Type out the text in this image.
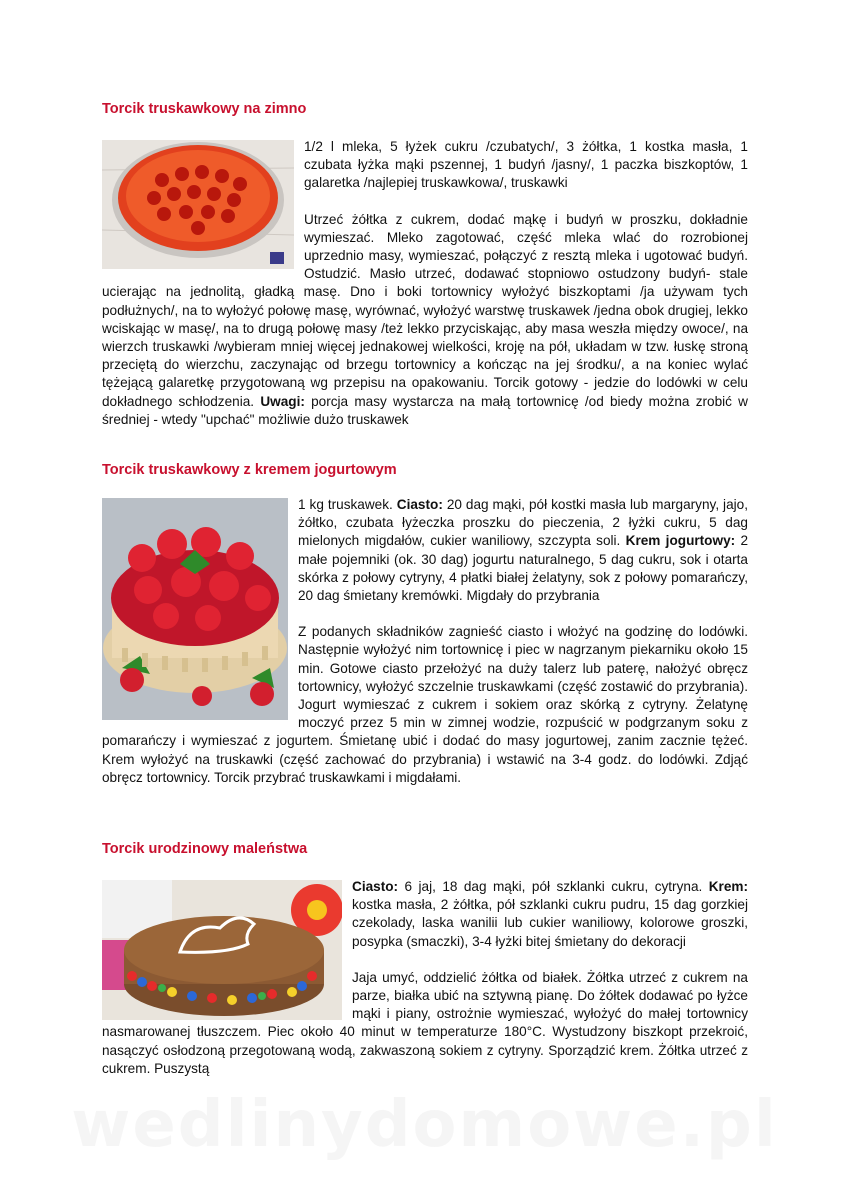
Torcik truskawkowy na zimno

1/2 l mleka, 5 łyżek cukru /czubatych/, 3 żółtka, 1 kostka masła, 1 czubata łyżka mąki pszennej, 1 budyń /jasny/, 1 paczka biszkoptów, 1 galaretka /najlepiej truskawkowa/, truskawki

Utrzeć żółtka z cukrem, dodać mąkę i budyń w proszku, dokładnie wymieszać. Mleko zagotować, część mleka wlać do rozrobionej uprzednio masy, wymieszać, połączyć z resztą mleka i ugotować budyń. Ostudzić. Masło utrzeć, dodawać stopniowo ostudzony budyń- stale ucierając na jednolitą, gładką masę. Dno i boki tortownicy wyłożyć biszkoptami /ja używam tych podłużnych/, na to wyłożyć połowę masę, wyrównać, wyłożyć warstwę truskawek /jedna obok drugiej, lekko wciskając w masę/, na to drugą połowę masy /też lekko przyciskając, aby masa weszła między owoce/, na wierzch truskawki /wybieram mniej więcej jednakowej wielkości, kroję na pół, układam w tzw. łuskę stroną przeciętą do wierzchu, zaczynając od brzegu tortownicy a kończąc na jej środku/, a na koniec wylać tężejącą galaretkę przygotowaną wg przepisu na opakowaniu. Torcik gotowy - jedzie do lodówki w celu dokładnego schłodzenia. Uwagi: porcja masy wystarcza na małą tortownicę /od biedy można zrobić w średniej - wtedy "upchać" możliwie dużo truskawek

Torcik truskawkowy z kremem jogurtowym

1 kg truskawek. Ciasto: 20 dag mąki, pół kostki masła lub margaryny, jajo, żółtko, czubata łyżeczka proszku do pieczenia, 2 łyżki cukru, 5 dag mielonych migdałów, cukier waniliowy, szczypta soli. Krem jogurtowy: 2 małe pojemniki (ok. 30 dag) jogurtu naturalnego, 5 dag cukru, sok i otarta skórka z połowy cytryny, 4 płatki białej żelatyny, sok z połowy pomarańczy, 20 dag śmietany kremówki. Migdały do przybrania

Z podanych składników zagnieść ciasto i włożyć na godzinę do lodówki. Następnie wyłożyć nim tortownicę i piec w nagrzanym piekarniku około 15 min. Gotowe ciasto przełożyć na duży talerz lub paterę, nałożyć obręcz tortownicy, wyłożyć szczelnie truskawkami (część zostawić do przybrania). Jogurt wymieszać z cukrem i sokiem oraz skórką z cytryny. Żelatynę moczyć przez 5 min w zimnej wodzie, rozpuścić w podgrzanym soku z pomarańczy i wymieszać z jogurtem. Śmietanę ubić i dodać do masy jogurtowej, zanim zacznie tężeć. Krem wyłożyć na truskawki (część zachować do przybrania) i wstawić na 3-4 godz. do lodówki. Zdjąć obręcz tortownicy. Torcik przybrać truskawkami i migdałami.

Torcik urodzinowy maleństwa

Ciasto: 6 jaj, 18 dag mąki, pół szklanki cukru, cytryna. Krem: kostka masła, 2 żółtka, pół szklanki cukru pudru, 15 dag gorzkiej czekolady, laska wanilii lub cukier waniliowy, kolorowe groszki, posypka (smaczki), 3-4 łyżki bitej śmietany do dekoracji

Jaja umyć, oddzielić żółtka od białek. Żółtka utrzeć z cukrem na parze, białka ubić na sztywną pianę. Do żółtek dodawać po łyżce mąki i piany, ostrożnie wymieszać, wyłożyć do małej tortownicy nasmarowanej tłuszczem. Piec około 40 minut w temperaturze 180°C. Wystudzony biszkopt przekroić, nasączyć osłodzoną przegotowaną wodą, zakwaszoną sokiem z cytryny. Sporządzić krem. Żółtka utrzeć z cukrem. Puszystą

wedlinydomowe.pl
